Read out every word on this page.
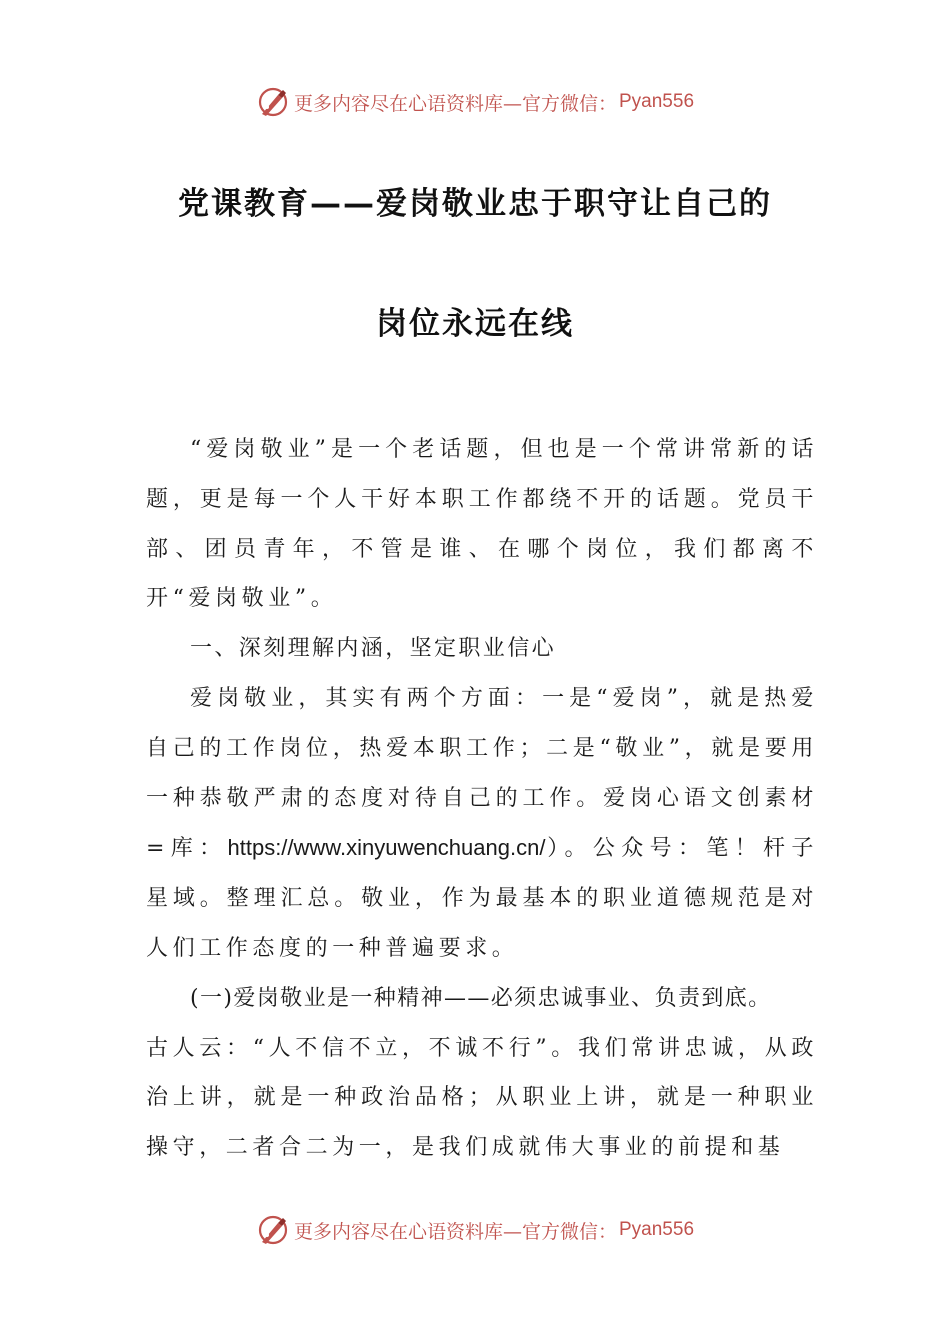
更多内容尽在心语资料库—官方微信： Pyan556
党课教育——爱岗敬业忠于职守让自己的
岗位永远在线

“爱岗敬业”是一个老话题，但也是一个常讲常新的话题，更是每一个人干好本职工作都绕不开的话题。党员干部、团员青年，不管是谁、在哪个岗位，我们都离不开“爱岗敬业”。

一、深刻理解内涵，坚定职业信心

爱岗敬业，其实有两个方面：一是“爱岗”，就是热爱自己的工作岗位，热爱本职工作；二是“敬业”，就是要用一种恭敬严肃的态度对待自己的工作。爱岗心语文创素材=库：https://www.xinyuwenchuang.cn/）。公众号：笔！杆子星域。整理汇总。敬业，作为最基本的职业道德规范是对人们工作态度的一种普遍要求。

(一)爱岗敬业是一种精神——必须忠诚事业、负责到底。

古人云：“人不信不立，不诚不行”。我们常讲忠诚，从政治上讲，就是一种政治品格；从职业上讲，就是一种职业操守，二者合二为一，是我们成就伟大事业的前提和基

更多内容尽在心语资料库—官方微信： Pyan556
